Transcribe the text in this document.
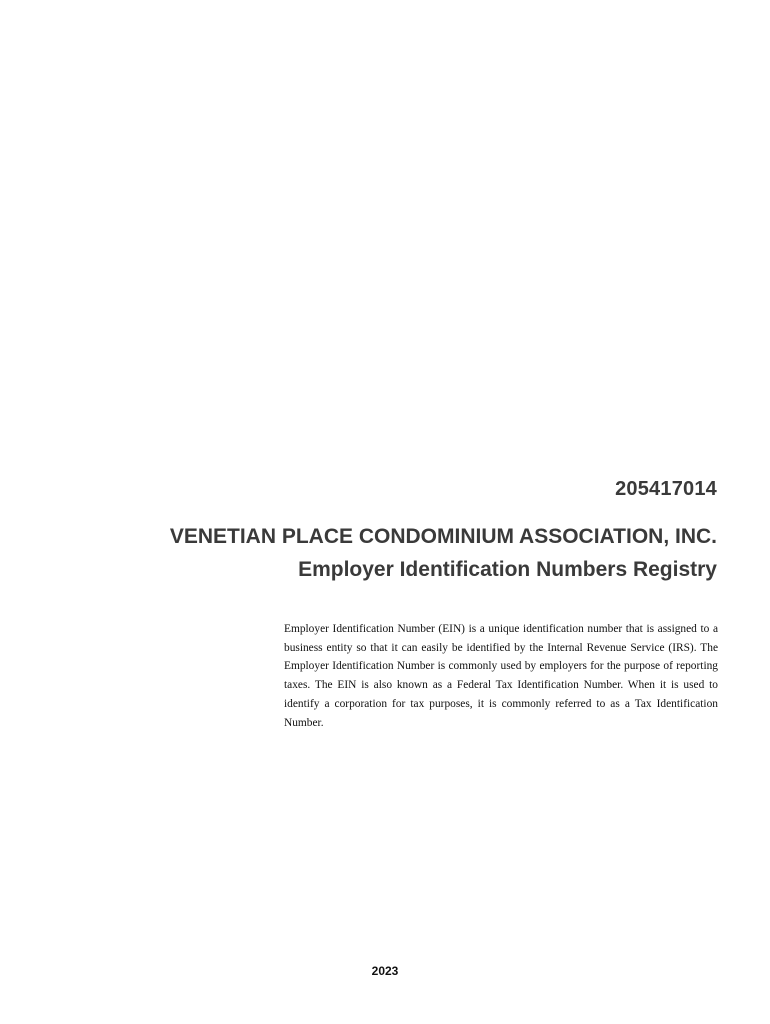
205417014
VENETIAN PLACE CONDOMINIUM ASSOCIATION, INC.
Employer Identification Numbers Registry

Employer Identification Number (EIN) is a unique identification number that is assigned to a business entity so that it can easily be identified by the Internal Revenue Service (IRS). The Employer Identification Number is commonly used by employers for the purpose of reporting taxes. The EIN is also known as a Federal Tax Identification Number. When it is used to identify a corporation for tax purposes, it is commonly referred to as a Tax Identification Number.

2023
